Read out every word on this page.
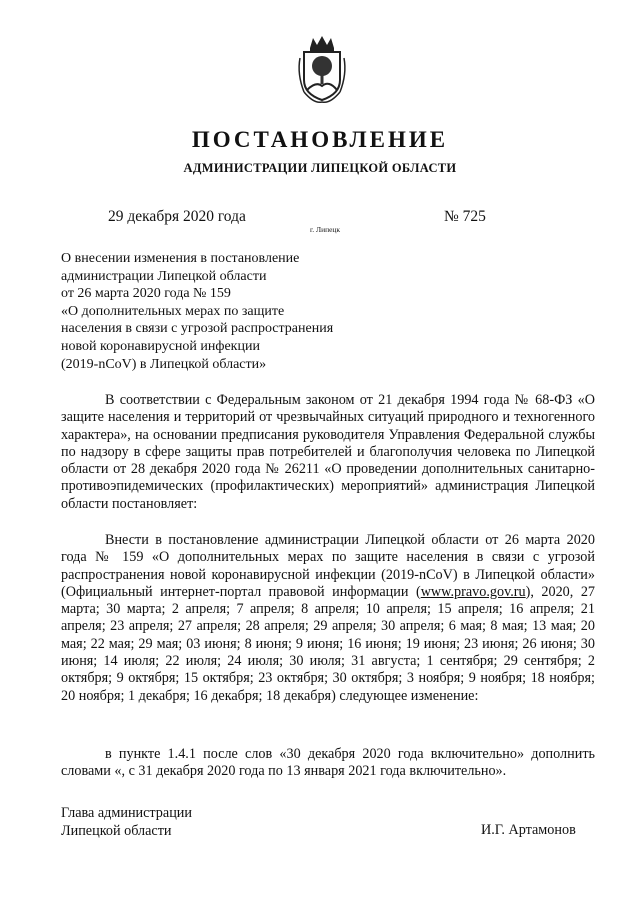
ПОСТАНОВЛЕНИЕ
АДМИНИСТРАЦИИ ЛИПЕЦКОЙ ОБЛАСТИ
29 декабря 2020 года
г. Липецк
№ 725
О внесении изменения в постановление
администрации Липецкой области
от 26 марта 2020 года № 159
«О дополнительных мерах по защите
населения в связи с угрозой распространения
новой коронавирусной инфекции
(2019-nCoV) в Липецкой области»

В соответствии с Федеральным законом от 21 декабря 1994 года № 68-ФЗ «О защите населения и территорий от чрезвычайных ситуаций природного и техногенного характера», на основании предписания руководителя Управления Федеральной службы по надзору в сфере защиты прав потребителей и благополучия человека по Липецкой области от 28 декабря 2020 года № 26211 «О проведении дополнительных санитарно-противоэпидемических (профилактических) мероприятий» администрация Липецкой области постановляет:

Внести в постановление администрации Липецкой области от 26 марта 2020 года № 159 «О дополнительных мерах по защите населения в связи с угрозой распространения новой коронавирусной инфекции (2019-nCoV) в Липецкой области» (Официальный интернет-портал правовой информации (www.pravo.gov.ru), 2020, 27 марта; 30 марта; 2 апреля; 7 апреля; 8 апреля; 10 апреля; 15 апреля; 16 апреля; 21 апреля; 23 апреля; 27 апреля; 28 апреля; 29 апреля; 30 апреля; 6 мая; 8 мая; 13 мая; 20 мая; 22 мая; 29 мая; 03 июня; 8 июня; 9 июня; 16 июня; 19 июня; 23 июня; 26 июня; 30 июня; 14 июля; 22 июля; 24 июля; 30 июля; 31 августа; 1 сентября; 29 сентября; 2 октября; 9 октября; 15 октября; 23 октября; 30 октября; 3 ноября; 9 ноября; 18 ноября; 20 ноября; 1 декабря; 16 декабря; 18 декабря) следующее изменение:

в пункте 1.4.1 после слов «30 декабря 2020 года включительно» дополнить словами «, с 31 декабря 2020 года по 13 января 2021 года включительно».

Глава администрации
Липецкой области	И.Г. Артамонов
